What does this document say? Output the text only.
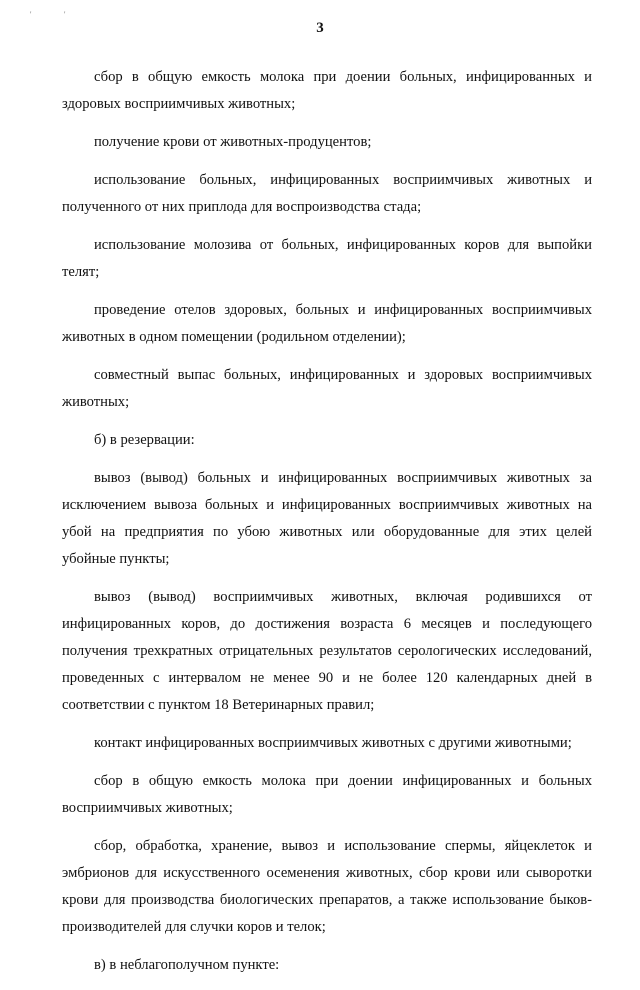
'	'
3

сбор в общую емкость молока при доении больных, инфицированных и здоровых восприимчивых животных;

получение крови от животных-продуцентов;

использование больных, инфицированных восприимчивых животных и полученного от них приплода для воспроизводства стада;

использование молозива от больных, инфицированных коров для выпойки телят;

проведение отелов здоровых, больных и инфицированных восприимчивых животных в одном помещении (родильном отделении);

совместный выпас больных, инфицированных и здоровых восприимчивых животных;

б) в резервации:

вывоз (вывод) больных и инфицированных восприимчивых животных за исключением вывоза больных и инфицированных восприимчивых животных на убой на предприятия по убою животных или оборудованные для этих целей убойные пункты;

вывоз (вывод) восприимчивых животных, включая родившихся от инфицированных коров, до достижения возраста 6 месяцев и последующего получения трехкратных отрицательных результатов серологических исследований, проведенных с интервалом не менее 90 и не более 120 календарных дней в соответствии с пунктом 18 Ветеринарных правил;

контакт инфицированных восприимчивых животных с другими животными;

сбор в общую емкость молока при доении инфицированных и больных восприимчивых животных;

сбор, обработка, хранение, вывоз и использование спермы, яйцеклеток и эмбрионов для искусственного осеменения животных, сбор крови или сыворотки крови для производства биологических препаратов, а также использование быков-производителей для случки коров и телок;

в) в неблагополучном пункте:
